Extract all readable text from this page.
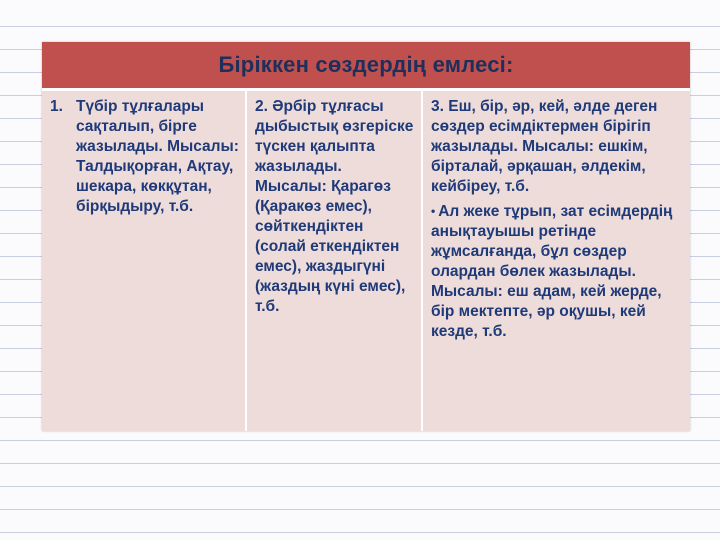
Біріккен сөздердің емлесі:

1. Түбір тұлғалары сақталып, бірге жазылады. Мысалы: Талдықорған, Ақтау, шекара, көкқұтан, бірқыдыру, т.б.

2. Әрбір тұлғасы дыбыстық өзгеріске түскен қалыпта жазылады. Мысалы: Қарагөз (Қаракөз емес), сөйткендіктен (солай еткендіктен емес), жаздыгүні (жаздың күні емес), т.б.

3. Еш, бір, әр, кей, әлде деген сөздер есімдіктермен бірігіп жазылады. Мысалы: ешкім, бірталай, әрқашан, әлдекім, кейбіреу, т.б.
• Ал жеке тұрып, зат есімдердің анықтауышы ретінде жұмсалғанда, бұл сөздер олардан бөлек жазылады. Мысалы: еш адам, кей жерде, бір мектепте, әр оқушы, кей кезде, т.б.
